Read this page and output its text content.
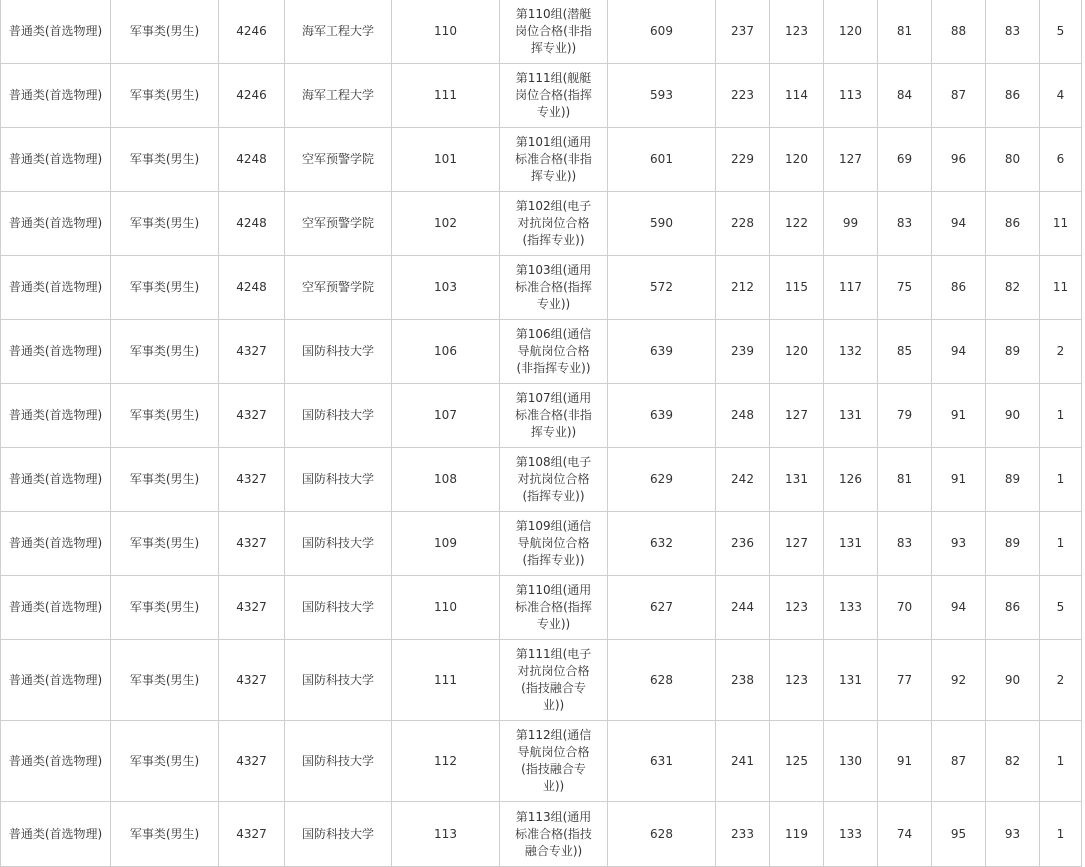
普通类(首选物理)	军事类(男生)	4246	海军工程大学	110	第110组(潜艇岗位合格(非指挥专业))	609	237	123	120	81	88	83	5
普通类(首选物理)	军事类(男生)	4246	海军工程大学	111	第111组(舰艇岗位合格(指挥专业))	593	223	114	113	84	87	86	4
普通类(首选物理)	军事类(男生)	4248	空军预警学院	101	第101组(通用标准合格(非指挥专业))	601	229	120	127	69	96	80	6
普通类(首选物理)	军事类(男生)	4248	空军预警学院	102	第102组(电子对抗岗位合格(指挥专业))	590	228	122	99	83	94	86	11
普通类(首选物理)	军事类(男生)	4248	空军预警学院	103	第103组(通用标准合格(指挥专业))	572	212	115	117	75	86	82	11
普通类(首选物理)	军事类(男生)	4327	国防科技大学	106	第106组(通信导航岗位合格(非指挥专业))	639	239	120	132	85	94	89	2
普通类(首选物理)	军事类(男生)	4327	国防科技大学	107	第107组(通用标准合格(非指挥专业))	639	248	127	131	79	91	90	1
普通类(首选物理)	军事类(男生)	4327	国防科技大学	108	第108组(电子对抗岗位合格(指挥专业))	629	242	131	126	81	91	89	1
普通类(首选物理)	军事类(男生)	4327	国防科技大学	109	第109组(通信导航岗位合格(指挥专业))	632	236	127	131	83	93	89	1
普通类(首选物理)	军事类(男生)	4327	国防科技大学	110	第110组(通用标准合格(指挥专业))	627	244	123	133	70	94	86	5
普通类(首选物理)	军事类(男生)	4327	国防科技大学	111	第111组(电子对抗岗位合格(指技融合专业))	628	238	123	131	77	92	90	2
普通类(首选物理)	军事类(男生)	4327	国防科技大学	112	第112组(通信导航岗位合格(指技融合专业))	631	241	125	130	91	87	82	1
普通类(首选物理)	军事类(男生)	4327	国防科技大学	113	第113组(通用标准合格(指技融合专业))	628	233	119	133	74	95	93	1
